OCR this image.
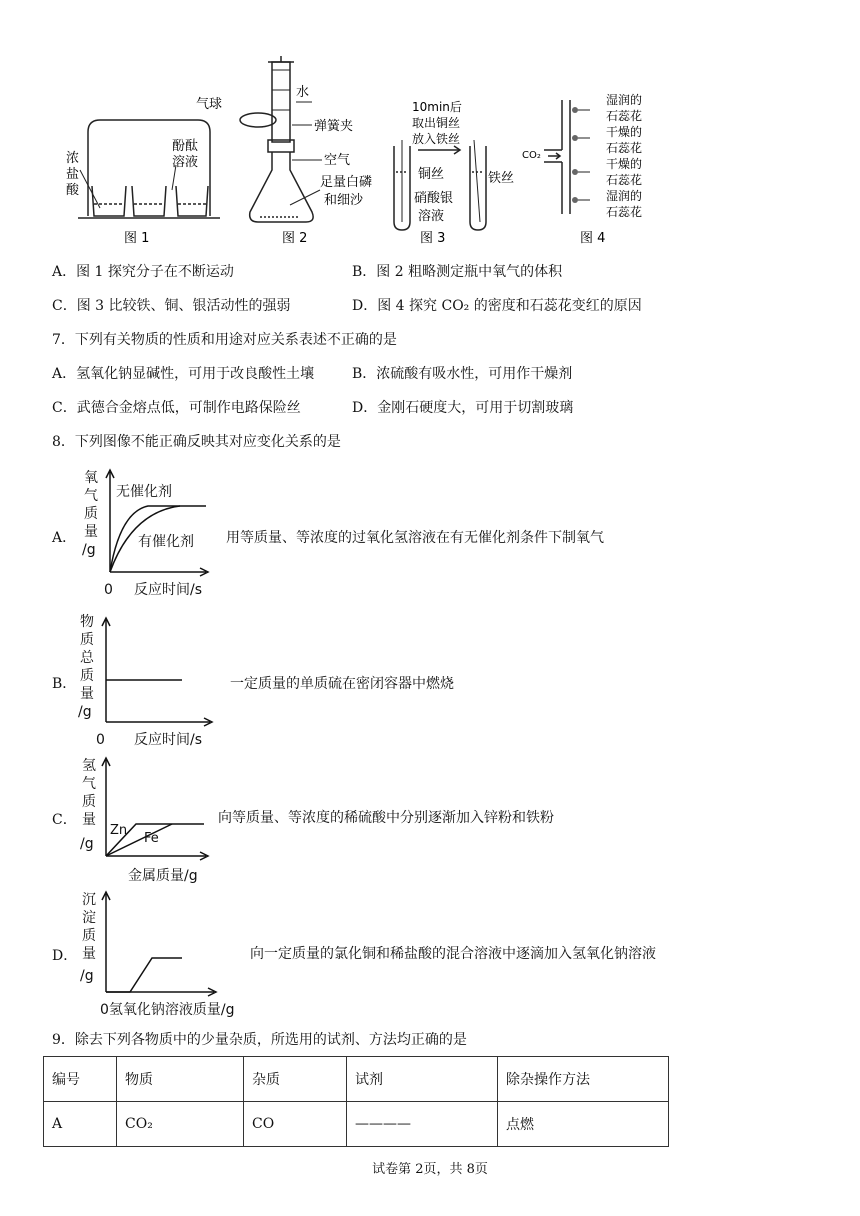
浓
盐
酸
酚酞
溶液
图 1
气球
水
弹簧夹
空气
足量白磷
和细沙
图 2
10min后
取出铜丝
放入铁丝
铜丝
硝酸银
溶液
铁丝
图 3
CO₂
湿润的
石蕊花
干燥的
石蕊花
干燥的
石蕊花
湿润的
石蕊花
图 4
A．图 1 探究分子在不断运动	B．图 2 粗略测定瓶中氧气的体积
C．图 3 比较铁、铜、银活动性的强弱	D．图 4 探究 CO₂ 的密度和石蕊花变红的原因
7．下列有关物质的性质和用途对应关系表述不正确的是
A．氢氧化钠显碱性，可用于改良酸性土壤	B．浓硫酸有吸水性，可用作干燥剂
C．武德合金熔点低，可制作电路保险丝	D．金刚石硬度大，可用于切割玻璃
8．下列图像不能正确反映其对应变化关系的是
A．
氧
气
质
量
/g
0 反应时间/s
无催化剂
有催化剂 用等质量、等浓度的过氧化氢溶液在有无催化剂条件下制氧气
B．
物
质
总
质
量
/g
0 反应时间/s
一定质量的单质硫在密闭容器中燃烧
C．
氢
气
质
量
/g
金属质量/g
Zn
Fe
向等质量、等浓度的稀硫酸中分别逐渐加入锌粉和铁粉
D．
沉
淀
质
量
/g
0氢氧化钠溶液质量/g
向一定质量的氯化铜和稀盐酸的混合溶液中逐滴加入氢氧化钠溶液
9．除去下列各物质中的少量杂质，所选用的试剂、方法均正确的是
编号	物质	杂质	试剂	除杂操作方法
A	CO₂	CO	————	点燃
试卷第 2页，共 8页
